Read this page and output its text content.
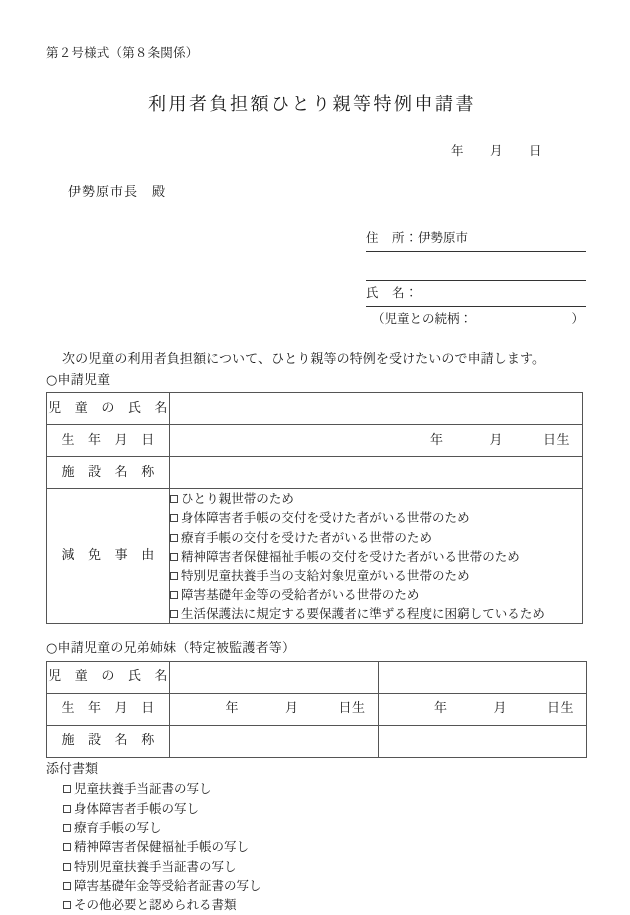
第２号様式（第８条関係）

利用者負担額ひとり親等特例申請書

年 月 日

伊勢原市長 殿

住　所：伊勢原市
氏　名：
（児童との続柄：	）

次の児童の利用者負担額について、ひとり親等の特例を受けたいので申請します。

○申請児童

児　童　の　氏　名	
生　年　月　日	年 月 日生

施　設　名　称	
減　免　事　由	
ひとり親世帯のため
身体障害者手帳の交付を受けた者がいる世帯のため
療育手帳の交付を受けた者がいる世帯のため
精神障害者保健福祉手帳の交付を受けた者がいる世帯のため
特別児童扶養手当の支給対象児童がいる世帯のため
障害基礎年金等の受給者がいる世帯のため
生活保護法に規定する要保護者に準ずる程度に困窮しているため

○申請児童の兄弟姉妹（特定被監護者等）

児　童　の　氏　名		
生　年　月　日	年 月 日生	年 月 日生

施　設　名　称		

添付書類

児童扶養手当証書の写し
身体障害者手帳の写し
療育手帳の写し
精神障害者保健福祉手帳の写し
特別児童扶養手当証書の写し
障害基礎年金等受給者証書の写し
その他必要と認められる書類
